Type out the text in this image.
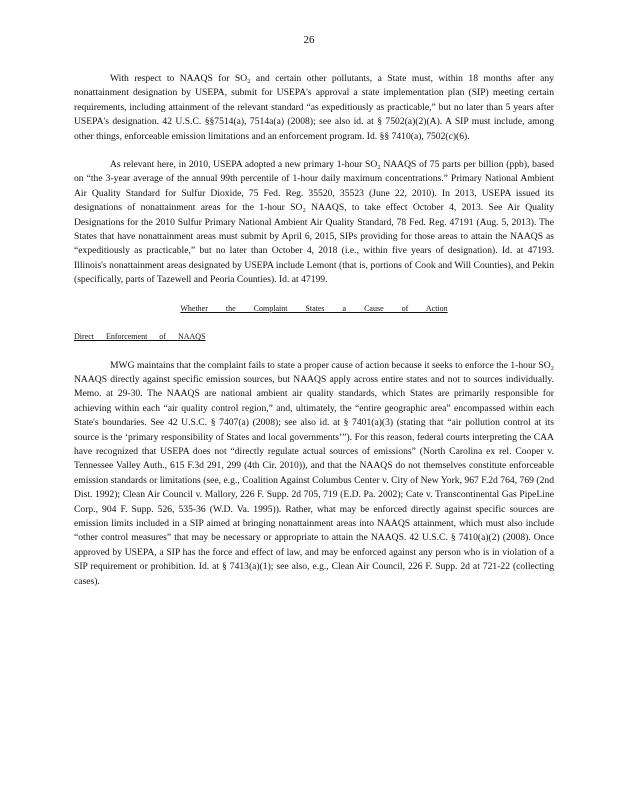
26

With respect to NAAQS for SO₂ and certain other pollutants, a State must, within 18 months after any nonattainment designation by USEPA, submit for USEPA's approval a state implementation plan (SIP) meeting certain requirements, including attainment of the relevant standard “as expeditiously as practicable,” but no later than 5 years after USEPA's designation. 42 U.S.C. §§7514(a), 7514a(a) (2008); see also id. at § 7502(a)(2)(A). A SIP must include, among other things, enforceable emission limitations and an enforcement program. Id. §§ 7410(a), 7502(c)(6).

As relevant here, in 2010, USEPA adopted a new primary 1-hour SO₂ NAAQS of 75 parts per billion (ppb), based on “the 3-year average of the annual 99th percentile of 1-hour daily maximum concentrations.” Primary National Ambient Air Quality Standard for Sulfur Dioxide, 75 Fed. Reg. 35520, 35523 (June 22, 2010). In 2013, USEPA issued its designations of nonattainment areas for the 1-hour SO₂ NAAQS, to take effect October 4, 2013. See Air Quality Designations for the 2010 Sulfur Primary National Ambient Air Quality Standard, 78 Fed. Reg. 47191 (Aug. 5, 2013). The States that have nonattainment areas must submit by April 6, 2015, SIPs providing for those areas to attain the NAAQS as “expeditiously as practicable,” but no later than October 4, 2018 (i.e., within five years of designation). Id. at 47193. Illinois's nonattainment areas designated by USEPA include Lemont (that is, portions of Cook and Will Counties), and Pekin (specifically, parts of Tazewell and Peoria Counties). Id. at 47199.

Whether the Complaint States a Cause of Action
Direct Enforcement of NAAQS

MWG maintains that the complaint fails to state a proper cause of action because it seeks to enforce the 1-hour SO₂ NAAQS directly against specific emission sources, but NAAQS apply across entire states and not to sources individually. Memo. at 29-30. The NAAQS are national ambient air quality standards, which States are primarily responsible for achieving within each “air quality control region,” and, ultimately, the “entire geographic area” encompassed within each State's boundaries. See 42 U.S.C. § 7407(a) (2008); see also id. at § 7401(a)(3) (stating that “air pollution control at its source is the ‘primary responsibility of States and local governments’”). For this reason, federal courts interpreting the CAA have recognized that USEPA does not “directly regulate actual sources of emissions” (North Carolina ex rel. Cooper v. Tennessee Valley Auth., 615 F.3d 291, 299 (4th Cir. 2010)), and that the NAAQS do not themselves constitute enforceable emission standards or limitations (see, e.g., Coalition Against Columbus Center v. City of New York, 967 F.2d 764, 769 (2nd Dist. 1992); Clean Air Council v. Mallory, 226 F. Supp. 2d 705, 719 (E.D. Pa. 2002); Cate v. Transcontinental Gas PipeLine Corp., 904 F. Supp. 526, 535-36 (W.D. Va. 1995)). Rather, what may be enforced directly against specific sources are emission limits included in a SIP aimed at bringing nonattainment areas into NAAQS attainment, which must also include “other control measures” that may be necessary or appropriate to attain the NAAQS. 42 U.S.C. § 7410(a)(2) (2008). Once approved by USEPA, a SIP has the force and effect of law, and may be enforced against any person who is in violation of a SIP requirement or prohibition. Id. at § 7413(a)(1); see also, e.g., Clean Air Council, 226 F. Supp. 2d at 721-22 (collecting cases).
